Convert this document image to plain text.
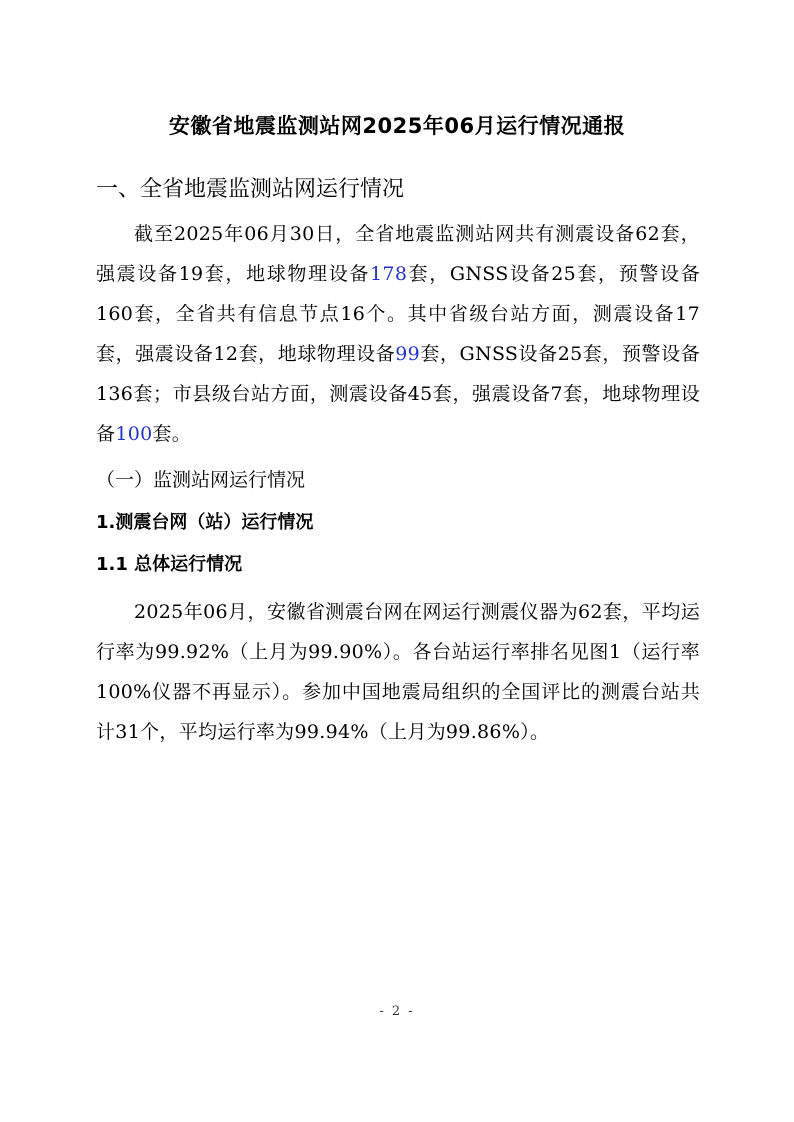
安徽省地震监测站网2025年06月运行情况通报
一、全省地震监测站网运行情况
截至2025年06月30日，全省地震监测站网共有测震设备62套，强震设备19套，地球物理设备178套，GNSS设备25套，预警设备160套，全省共有信息节点16个。其中省级台站方面，测震设备17套，强震设备12套，地球物理设备99套，GNSS设备25套，预警设备136套；市县级台站方面，测震设备45套，强震设备7套，地球物理设备100套。
（一）监测站网运行情况
1.测震台网（站）运行情况
1.1 总体运行情况
2025年06月，安徽省测震台网在网运行测震仪器为62套，平均运行率为99.92%（上月为99.90%）。各台站运行率排名见图1（运行率100%仪器不再显示）。参加中国地震局组织的全国评比的测震台站共计31个，平均运行率为99.94%（上月为99.86%）。
- 2 -
